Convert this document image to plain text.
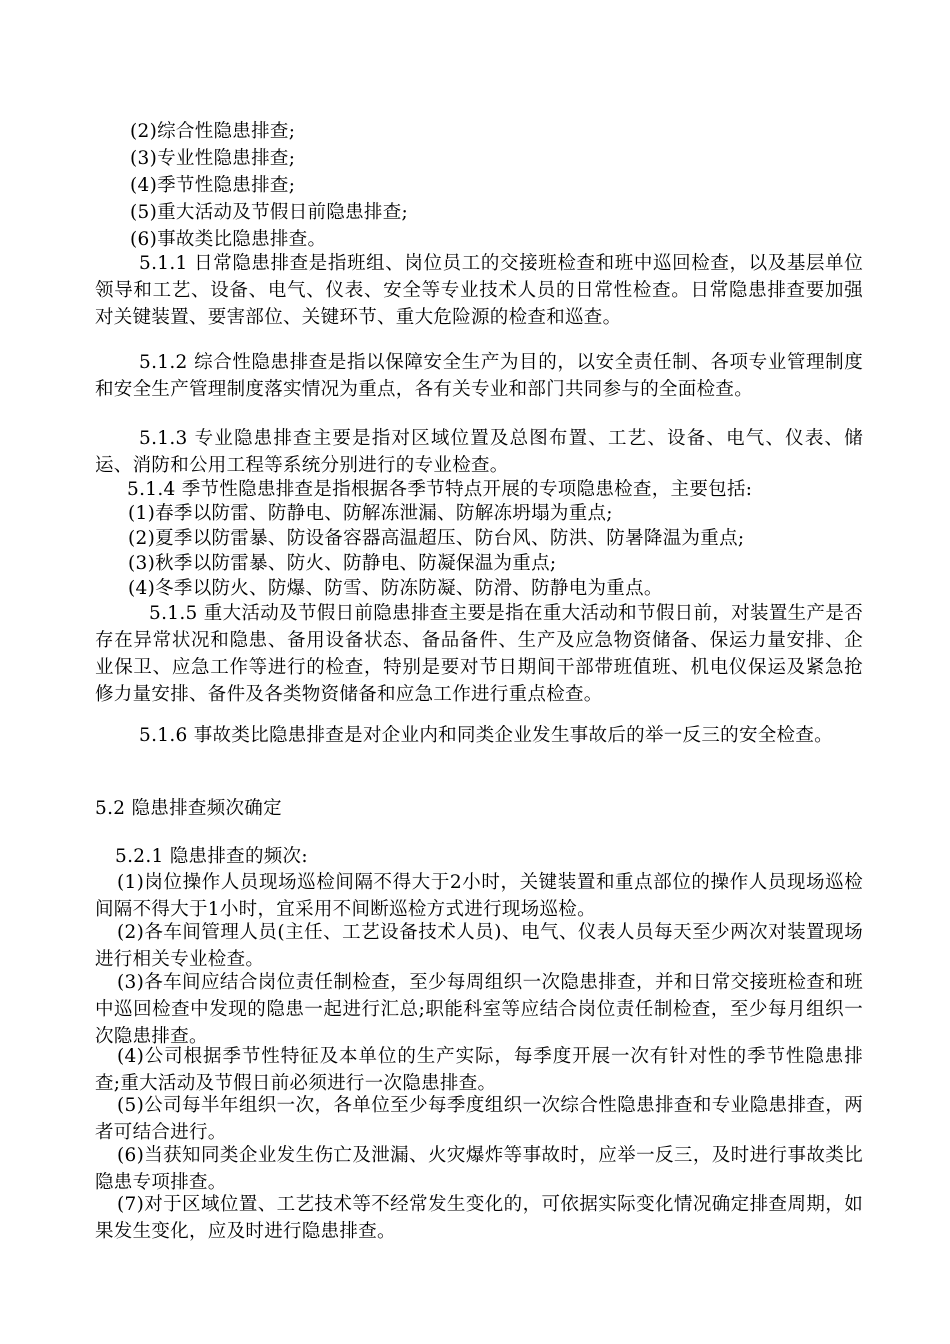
(2)综合性隐患排查;
(3)专业性隐患排查;
(4)季节性隐患排查;
(5)重大活动及节假日前隐患排查;
(6)事故类比隐患排查。

5.1.1 日常隐患排查是指班组、岗位员工的交接班检查和班中巡回检查，以及基层单位领导和工艺、设备、电气、仪表、安全等专业技术人员的日常性检查。日常隐患排查要加强对关键装置、要害部位、关键环节、重大危险源的检查和巡查。

5.1.2 综合性隐患排查是指以保障安全生产为目的，以安全责任制、各项专业管理制度和安全生产管理制度落实情况为重点，各有关专业和部门共同参与的全面检查。

5.1.3 专业隐患排查主要是指对区域位置及总图布置、工艺、设备、电气、仪表、储运、消防和公用工程等系统分别进行的专业检查。

5.1.4 季节性隐患排查是指根据各季节特点开展的专项隐患检查，主要包括:

(1)春季以防雷、防静电、防解冻泄漏、防解冻坍塌为重点;
(2)夏季以防雷暴、防设备容器高温超压、防台风、防洪、防暑降温为重点;
(3)秋季以防雷暴、防火、防静电、防凝保温为重点;
(4)冬季以防火、防爆、防雪、防冻防凝、防滑、防静电为重点。

5.1.5 重大活动及节假日前隐患排查主要是指在重大活动和节假日前，对装置生产是否存在异常状况和隐患、备用设备状态、备品备件、生产及应急物资储备、保运力量安排、企业保卫、应急工作等进行的检查，特别是要对节日期间干部带班值班、机电仪保运及紧急抢修力量安排、备件及各类物资储备和应急工作进行重点检查。

5.1.6 事故类比隐患排查是对企业内和同类企业发生事故后的举一反三的安全检查。

5.2 隐患排查频次确定
5.2.1 隐患排查的频次:

(1)岗位操作人员现场巡检间隔不得大于2小时，关键装置和重点部位的操作人员现场巡检间隔不得大于1小时，宜采用不间断巡检方式进行现场巡检。

(2)各车间管理人员(主任、工艺设备技术人员)、电气、仪表人员每天至少两次对装置现场进行相关专业检查。

(3)各车间应结合岗位责任制检查，至少每周组织一次隐患排查，并和日常交接班检查和班中巡回检查中发现的隐患一起进行汇总;职能科室等应结合岗位责任制检查，至少每月组织一次隐患排查。

(4)公司根据季节性特征及本单位的生产实际，每季度开展一次有针对性的季节性隐患排查;重大活动及节假日前必须进行一次隐患排查。

(5)公司每半年组织一次，各单位至少每季度组织一次综合性隐患排查和专业隐患排查，两者可结合进行。

(6)当获知同类企业发生伤亡及泄漏、火灾爆炸等事故时，应举一反三，及时进行事故类比隐患专项排查。

(7)对于区域位置、工艺技术等不经常发生变化的，可依据实际变化情况确定排查周期，如果发生变化，应及时进行隐患排查。
